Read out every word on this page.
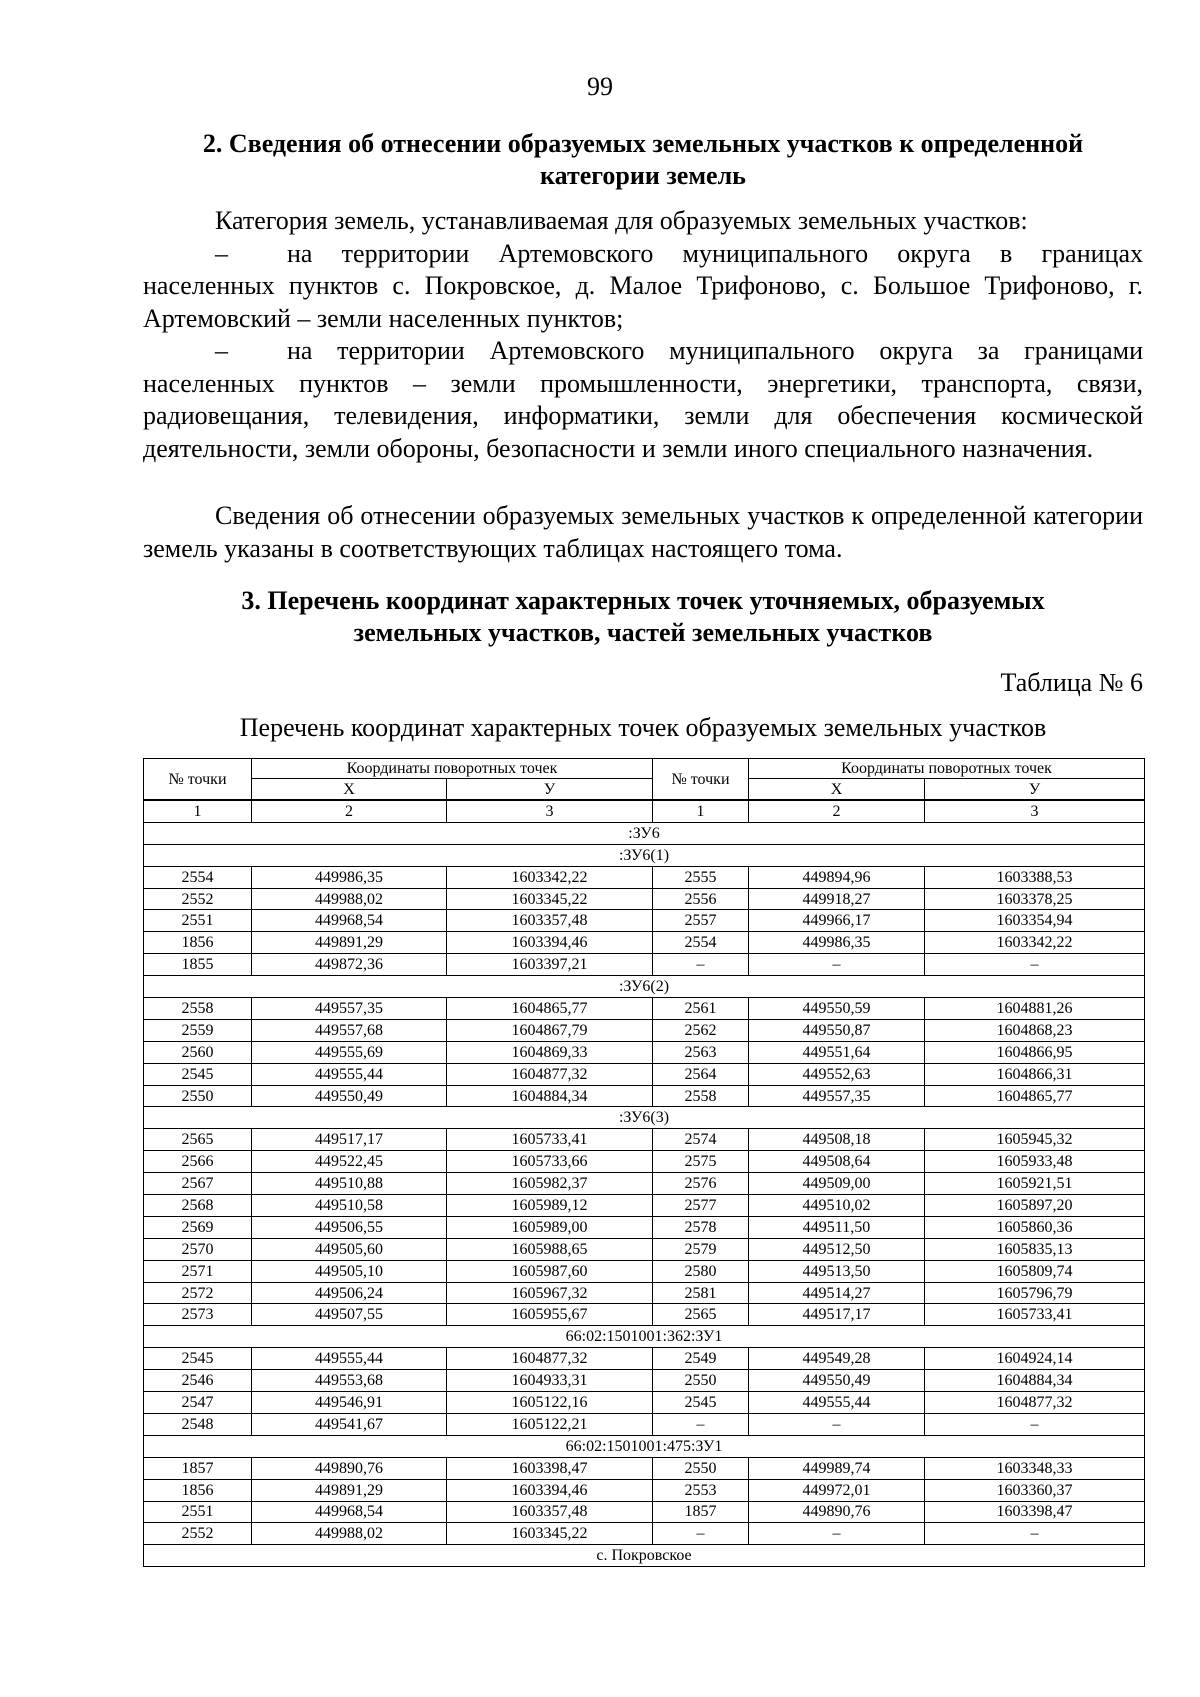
99
2. Сведения об отнесении образуемых земельных участков к определенной
категории земель

Категория земель, устанавливаемая для образуемых земельных участков:

– на территории Артемовского муниципального округа в границах населенных пунктов с. Покровское, д. Малое Трифоново, с. Большое Трифоново, г. Артемовский – земли населенных пунктов;

– на территории Артемовского муниципального округа за границами населенных пунктов – земли промышленности, энергетики, транспорта, связи, радиовещания, телевидения, информатики, земли для обеспечения космической деятельности, земли обороны, безопасности и земли иного специального назначения.

Сведения об отнесении образуемых земельных участков к определенной категории земель указаны в соответствующих таблицах настоящего тома.

3. Перечень координат характерных точек уточняемых, образуемых
земельных участков, частей земельных участков
Таблица № 6
Перечень координат характерных точек образуемых земельных участков
№ точки	Координаты поворотных точек		№ точки	Координаты поворотных точек	
	Х	У		Х	У
1	2	3	1	2	3
:ЗУ6					
:ЗУ6(1)					
2554	449986,35	1603342,22	2555	449894,96	1603388,53
2552	449988,02	1603345,22	2556	449918,27	1603378,25
2551	449968,54	1603357,48	2557	449966,17	1603354,94
1856	449891,29	1603394,46	2554	449986,35	1603342,22
1855	449872,36	1603397,21	–	–	–
:ЗУ6(2)					
2558	449557,35	1604865,77	2561	449550,59	1604881,26
2559	449557,68	1604867,79	2562	449550,87	1604868,23
2560	449555,69	1604869,33	2563	449551,64	1604866,95
2545	449555,44	1604877,32	2564	449552,63	1604866,31
2550	449550,49	1604884,34	2558	449557,35	1604865,77
:ЗУ6(3)					
2565	449517,17	1605733,41	2574	449508,18	1605945,32
2566	449522,45	1605733,66	2575	449508,64	1605933,48
2567	449510,88	1605982,37	2576	449509,00	1605921,51
2568	449510,58	1605989,12	2577	449510,02	1605897,20
2569	449506,55	1605989,00	2578	449511,50	1605860,36
2570	449505,60	1605988,65	2579	449512,50	1605835,13
2571	449505,10	1605987,60	2580	449513,50	1605809,74
2572	449506,24	1605967,32	2581	449514,27	1605796,79
2573	449507,55	1605955,67	2565	449517,17	1605733,41
66:02:1501001:362:ЗУ1					
2545	449555,44	1604877,32	2549	449549,28	1604924,14
2546	449553,68	1604933,31	2550	449550,49	1604884,34
2547	449546,91	1605122,16	2545	449555,44	1604877,32
2548	449541,67	1605122,21	–	–	–
66:02:1501001:475:ЗУ1					
1857	449890,76	1603398,47	2550	449989,74	1603348,33
1856	449891,29	1603394,46	2553	449972,01	1603360,37
2551	449968,54	1603357,48	1857	449890,76	1603398,47
2552	449988,02	1603345,22	–	–	–
с. Покровское					
